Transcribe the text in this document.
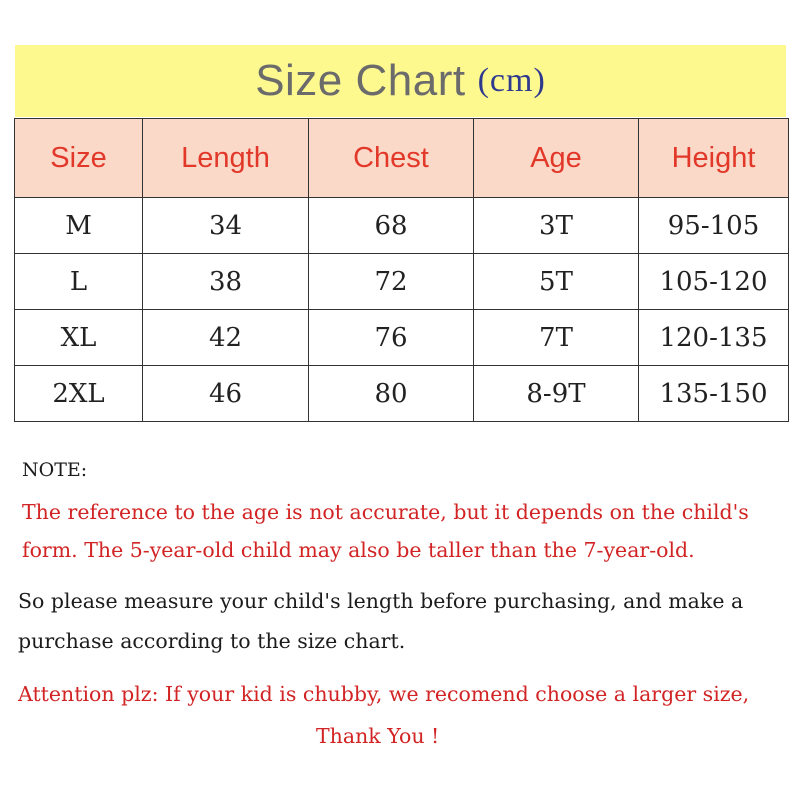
Size Chart (cm)
Size	Length	Chest	Age	Height
M	34	68	3T	95-105
L	38	72	5T	105-120
XL	42	76	7T	120-135
2XL	46	80	8-9T	135-150
NOTE:
The reference to the age is not accurate, but it depends on the child's
form. The 5-year-old child may also be taller than the 7-year-old.
So please measure your child's length before purchasing, and make a
purchase according to the size chart.
Attention plz: If your kid is chubby, we recomend choose a larger size,
Thank You !
